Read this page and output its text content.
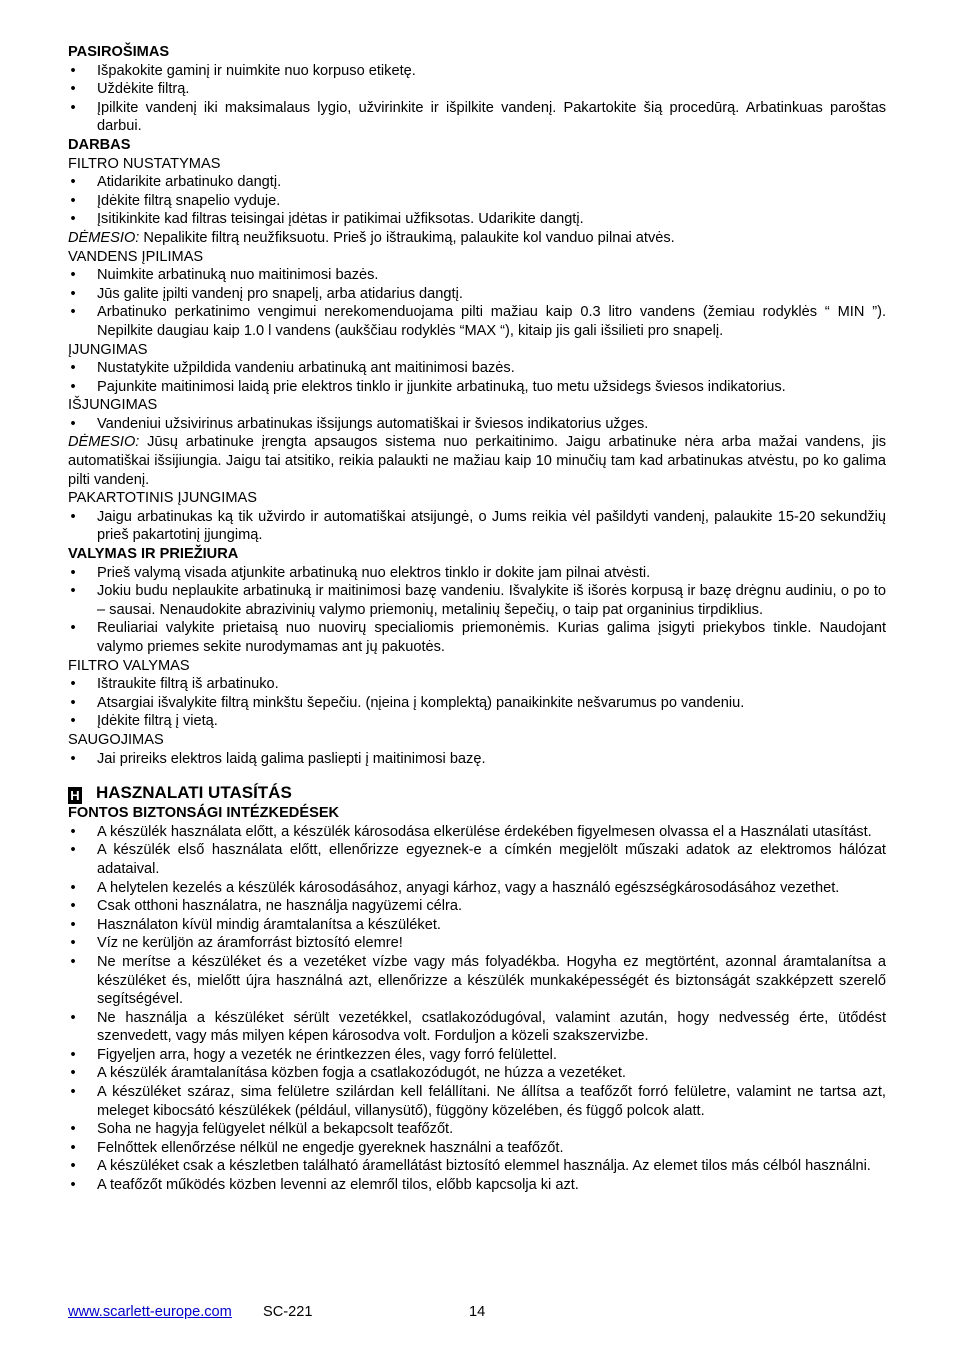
PASIROŠIMAS
•
Išpakokite gaminį ir nuimkite nuo korpuso etiketę.
•
Uždėkite filtrą.
•
Įpilkite vandenį iki maksimalaus lygio, užvirinkite ir išpilkite vandenį. Pakartokite šią procedūrą. Arbatinkuas paroštas darbui.
DARBAS
FILTRO NUSTATYMAS
•
Atidarikite arbatinuko dangtį.
•
Įdėkite filtrą snapelio vyduje.
•
Įsitikinkite kad filtras teisingai įdėtas ir patikimai užfiksotas. Udarikite dangtį.
DĖMESIO: Nepalikite filtrą neužfiksuotu. Prieš jo ištraukimą, palaukite kol vanduo pilnai atvės.
VANDENS ĮPILIMAS
•
Nuimkite arbatinuką nuo maitinimosi bazės.
•
Jūs galite įpilti vandenį pro snapelį, arba atidarius dangtį.
•
Arbatinuko perkatinimo vengimui nerekomenduojama pilti mažiau kaip 0.3 litro vandens (žemiau rodyklės “ MIN ”). Nepilkite daugiau kaip 1.0 l vandens (aukščiau rodyklės “MAX “), kitaip jis gali išsilieti pro snapelį.
ĮJUNGIMAS
•
Nustatykite užpildida vandeniu arbatinuką ant maitinimosi bazės.
•
Pajunkite maitinimosi laidą prie elektros tinklo ir įjunkite arbatinuką, tuo metu užsidegs šviesos indikatorius.
IŠJUNGIMAS
•
Vandeniui užsivirinus arbatinukas išsijungs automatiškai ir šviesos indikatorius užges.
DĖMESIO: Jūsų arbatinuke įrengta apsaugos sistema nuo perkaitinimo. Jaigu arbatinuke nėra arba mažai vandens, jis automatiškai išsijiungia. Jaigu tai atsitiko, reikia palaukti ne mažiau kaip 10 minučių tam kad arbatinukas atvėstu, po ko galima pilti vandenį.
PAKARTOTINIS ĮJUNGIMAS
•
Jaigu arbatinukas ką tik užvirdo ir automatiškai atsijungė, o Jums reikia vėl pašildyti vandenį, palaukite 15-20 sekundžių prieš pakartotinį įjungimą.
VALYMAS IR PRIEŽIURA
•
Prieš valymą visada atjunkite arbatinuką nuo elektros tinklo ir dokite jam pilnai atvėsti.
•
Jokiu budu neplaukite arbatinuką ir maitinimosi bazę vandeniu. Išvalykite iš išorės korpusą ir bazę drėgnu audiniu, o po to – sausai. Nenaudokite abrazivinių valymo priemonių, metalinių šepečių, o taip pat organinius tirpdiklius.
•
Reuliariai valykite prietaisą nuo nuovirų specialiomis priemonėmis. Kurias galima įsigyti priekybos tinkle. Naudojant valymo priemes sekite nurodymamas ant jų pakuotės.
FILTRO VALYMAS
•
Ištraukite filtrą iš arbatinuko.
•
Atsargiai išvalykite filtrą minkštu šepečiu. (nįeina į komplektą) panaikinkite nešvarumus po vandeniu.
•
Įdėkite filtrą į vietą.
SAUGOJIMAS
•
Jai prireiks elektros laidą galima pasliepti į maitinimosi bazę.
H HASZNALATI UTASÍTÁS
FONTOS BIZTONSÁGI INTÉZKEDÉSEK
•
A készülék használata előtt, a készülék károsodása elkerülése érdekében figyelmesen olvassa el a Használati utasítást.
•
A készülék első használata előtt, ellenőrizze egyeznek-e a címkén megjelölt műszaki adatok az elektromos hálózat adataival.
•
A helytelen kezelés a készülék károsodásához, anyagi kárhoz, vagy a használó egészségkárosodásához vezethet.
•
Csak otthoni használatra, ne használja nagyüzemi célra.
•
Használaton kívül mindig áramtalanítsa a készüléket.
•
Víz ne kerüljön az áramforrást biztosító elemre!
•
Ne merítse a készüléket és a vezetéket vízbe vagy más folyadékba. Hogyha ez megtörtént, azonnal áramtalanítsa a készüléket és, mielőtt újra használná azt, ellenőrizze a készülék munkaképességét és biztonságát szakképzett szerelő segítségével.
•
Ne használja a készüléket sérült vezetékkel, csatlakozódugóval, valamint azután, hogy nedvesség érte, ütődést szenvedett, vagy más milyen képen károsodva volt. Forduljon a közeli szakszervizbe.
•
Figyeljen arra, hogy a vezeték ne érintkezzen éles, vagy forró felülettel.
•
A készülék áramtalanítása közben fogja a csatlakozódugót, ne húzza a vezetéket.
•
A készüléket száraz, sima felületre szilárdan kell felállítani. Ne állítsa a teafőzőt forró felületre, valamint ne tartsa azt, meleget kibocsátó készülékek (például, villanysütő), függöny közelében, és függő polcok alatt.
•
Soha ne hagyja felügyelet nélkül a bekapcsolt teafőzőt.
•
Felnőttek ellenőrzése nélkül ne engedje gyereknek használni a teafőzőt.
•
A készüléket csak a készletben található áramellátást biztosító elemmel használja. Az elemet tilos más célból használni.
•
A teafőzőt működés közben levenni az elemről tilos, előbb kapcsolja ki azt.
www.scarlett-europe.com SC-221	14
